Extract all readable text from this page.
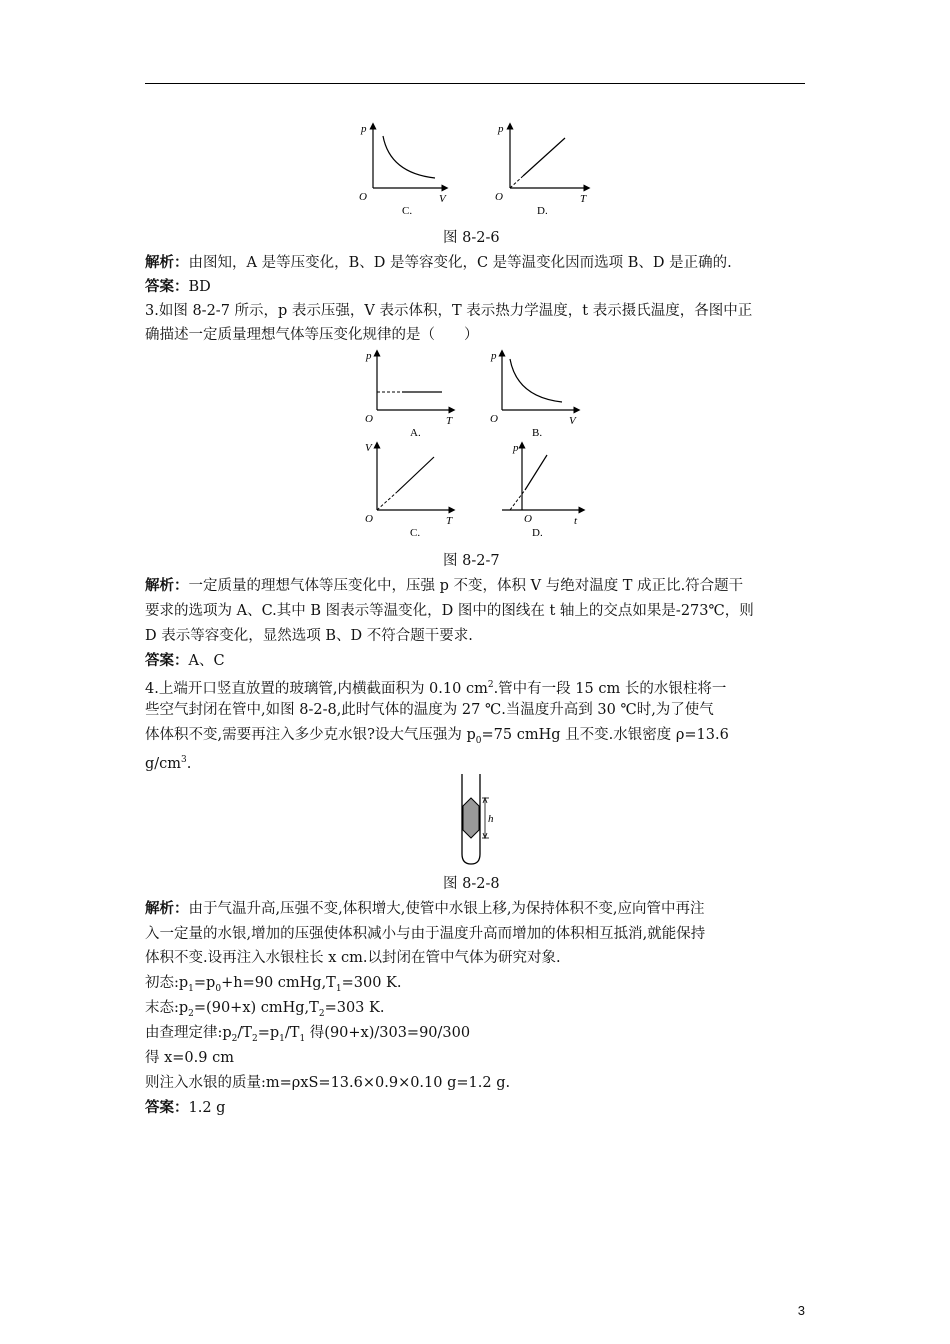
p
O	V
C.
p
O	T
D.
图 8-2-6
解析：由图知，A 是等压变化，B、D 是等容变化，C 是等温变化因而选项 B、D 是正确的.
答案：BD
3.如图 8-2-7 所示，p 表示压强，V 表示体积，T 表示热力学温度，t 表示摄氏温度，各图中正
确描述一定质量理想气体等压变化规律的是（　　）
p
O	T
A.
p
O	V
B.
V
O	T
C.
p
O	t
D.
图 8-2-7
解析：一定质量的理想气体等压变化中，压强 p 不变，体积 V 与绝对温度 T 成正比.符合题干
要求的选项为 A、C.其中 B 图表示等温变化，D 图中的图线在 t 轴上的交点如果是-273℃，则
D 表示等容变化，显然选项 B、D 不符合题干要求.
答案：A、C
4.上端开口竖直放置的玻璃管,内横截面积为 0.10 $cm^2$.管中有一段 15 cm 长的水银柱将一
些空气封闭在管中,如图 8-2-8,此时气体的温度为 27 ℃.当温度升高到 30 ℃时,为了使气
体体积不变,需要再注入多少克水银?设大气压强为 $p_0=75$ cmHg 且不变.水银密度 ρ=13.6
$g/cm^3$.
h
图 8-2-8
解析：由于气温升高,压强不变,体积增大,使管中水银上移,为保持体积不变,应向管中再注
入一定量的水银,增加的压强使体积减小与由于温度升高而增加的体积相互抵消,就能保持
体积不变.设再注入水银柱长 x cm.以封闭在管中气体为研究对象.
初态$:p_1=p_0+h=90$ $cmHg,T_1=300$ K.
末态$:p_2=(90+x)$ $cmHg,T_2=303$ K.
由查理定律$:p_2/T_2=p_1/T_1$ 得(90+x)/303=90/300
得 x=0.9 cm
则注入水银的质量:m=ρxS=13.6×0.9×0.10 g=1.2 g.
答案：1.2 g
3
